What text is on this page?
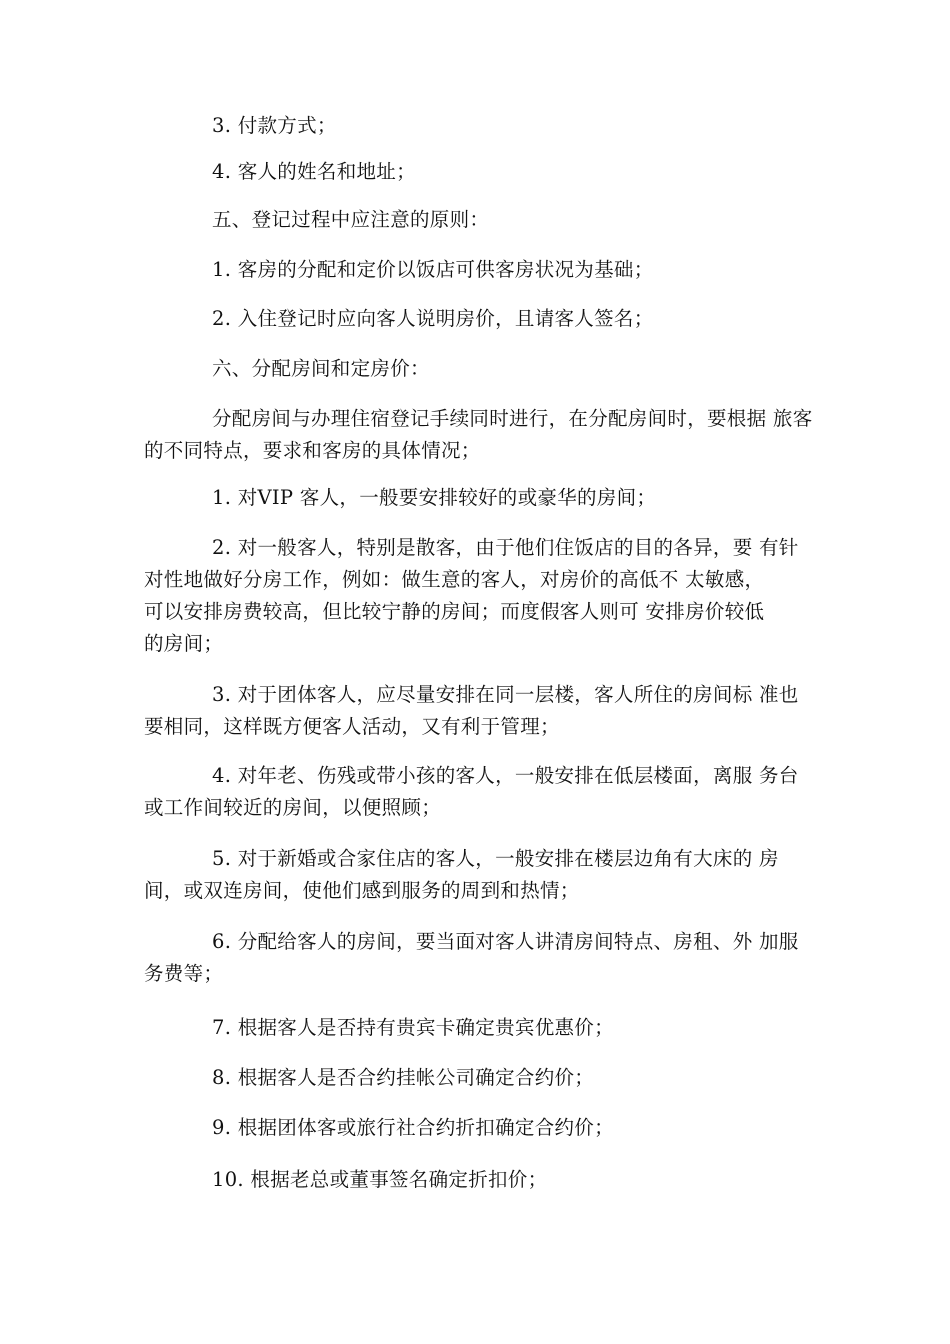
3. 付款方式；

4. 客人的姓名和地址；

五、登记过程中应注意的原则：

1. 客房的分配和定价以饭店可供客房状况为基础；

2. 入住登记时应向客人说明房价，且请客人签名；

六、分配房间和定房价：

分配房间与办理住宿登记手续同时进行，在分配房间时，要根据 旅客
的不同特点，要求和客房的具体情况；

1. 对VIP 客人，一般要安排较好的或豪华的房间；

2. 对一般客人，特别是散客，由于他们住饭店的目的各异，要 有针
对性地做好分房工作，例如：做生意的客人，对房价的高低不 太敏感，
可以安排房费较高，但比较宁静的房间；而度假客人则可 安排房价较低
的房间；

3. 对于团体客人，应尽量安排在同一层楼，客人所住的房间标 准也
要相同，这样既方便客人活动，又有利于管理；

4. 对年老、伤残或带小孩的客人，一般安排在低层楼面，离服 务台
或工作间较近的房间，以便照顾；

5. 对于新婚或合家住店的客人，一般安排在楼层边角有大床的 房
间，或双连房间，使他们感到服务的周到和热情；

6. 分配给客人的房间，要当面对客人讲清房间特点、房租、外 加服
务费等；

7. 根据客人是否持有贵宾卡确定贵宾优惠价；

8. 根据客人是否合约挂帐公司确定合约价；

9. 根据团体客或旅行社合约折扣确定合约价；

10. 根据老总或董事签名确定折扣价；
